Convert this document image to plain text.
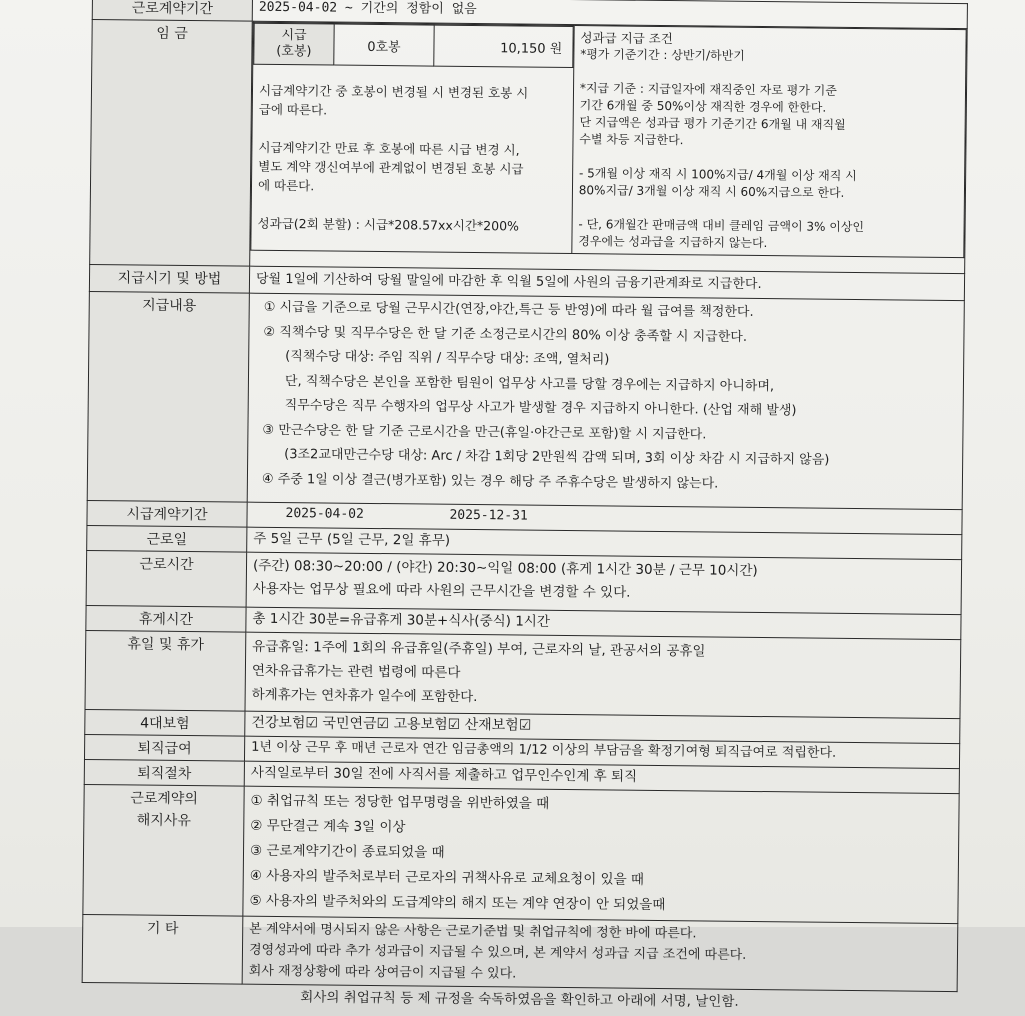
근로계약기간	2025-04-02 ~ 기간의 정함이 없음
임 금		시급
(호봉)	0호봉	10,150 원
시급계약기간 중 호봉이 변경될 시 변경된 호봉 시
급에 따른다.

시급계약기간 만료 후 호봉에 따른 시급 변경 시,
별도 계약 갱신여부에 관계없이 변경된 호봉 시급
에 따른다.

성과급(2회 분할) : 시급*208.57xx시간*200%

성과급 지급 조건
*평가 기준기간 : 상반기/하반기

*지급 기준 : 지급일자에 재직중인 자로 평가 기준
기간 6개월 중 50%이상 재직한 경우에 한한다.
단 지급액은 성과급 평가 기준기간 6개월 내 재직월
수별 차등 지급한다.

- 5개월 이상 재직 시 100%지급/ 4개월 이상 재직 시
80%지급/ 3개월 이상 재직 시 60%지급으로 한다.

- 단, 6개월간 판매금액 대비 클레임 금액이 3% 이상인
경우에는 성과급을 지급하지 않는다.

지급시기 및 방법	당월 1일에 기산하여 당월 말일에 마감한 후 익월 5일에 사원의 금융기관계좌로 지급한다.
지급내용	① 시급을 기준으로 당월 근무시간(연장,야간,특근 등 반영)에 따라 월 급여를 책정한다.
② 직책수당 및 직무수당은 한 달 기준 소정근로시간의 80% 이상 충족할 시 지급한다.
(직책수당 대상: 주임 직위 / 직무수당 대상: 조액, 열처리)
단, 직책수당은 본인을 포함한 팀원이 업무상 사고를 당할 경우에는 지급하지 아니하며,
직무수당은 직무 수행자의 업무상 사고가 발생할 경우 지급하지 아니한다. (산업 재해 발생)
③ 만근수당은 한 달 기준 근로시간을 만근(휴일·야간근로 포함)할 시 지급한다.
(3조2교대만근수당 대상: Arc / 차감 1회당 2만원씩 감액 되며, 3회 이상 차감 시 지급하지 않음)
④ 주중 1일 이상 결근(병가포함) 있는 경우 해당 주 주휴수당은 발생하지 않는다.

시급계약기간	2025-04-02	2025-12-31
근로일	주 5일 근무 (5일 근무, 2일 휴무)
근로시간	(주간) 08:30~20:00 / (야간) 20:30~익일 08:00 (휴게 1시간 30분 / 근무 10시간)
사용자는 업무상 필요에 따라 사원의 근무시간을 변경할 수 있다.

휴게시간	총 1시간 30분=유급휴게 30분+식사(중식) 1시간
휴일 및 휴가	유급휴일: 1주에 1회의 유급휴일(주휴일) 부여, 근로자의 날, 관공서의 공휴일
연차유급휴가는 관련 법령에 따른다
하계휴가는 연차휴가 일수에 포함한다.

4대보험	건강보험☑ 국민연금☑ 고용보험☑ 산재보험☑
퇴직급여	1년 이상 근무 후 매년 근로자 연간 임금총액의 1/12 이상의 부담금을 확정기여형 퇴직급여로 적립한다.
퇴직절차	사직일로부터 30일 전에 사직서를 제출하고 업무인수인계 후 퇴직
근로계약의
해지사유	
① 취업규칙 또는 정당한 업무명령을 위반하였을 때
② 무단결근 계속 3일 이상
③ 근로계약기간이 종료되었을 때
④ 사용자의 발주처로부터 근로자의 귀책사유로 교체요청이 있을 때
⑤ 사용자의 발주처와의 도급계약의 해지 또는 계약 연장이 안 되었을때

기 타	본 계약서에 명시되지 않은 사항은 근로기준법 및 취업규칙에 정한 바에 따른다.
경영성과에 따라 추가 성과급이 지급될 수 있으며, 본 계약서 성과급 지급 조건에 따른다.
회사 재정상황에 따라 상여금이 지급될 수 있다.

회사의 취업규칙 등 제 규정을 숙독하였음을 확인하고 아래에 서명, 날인함.
